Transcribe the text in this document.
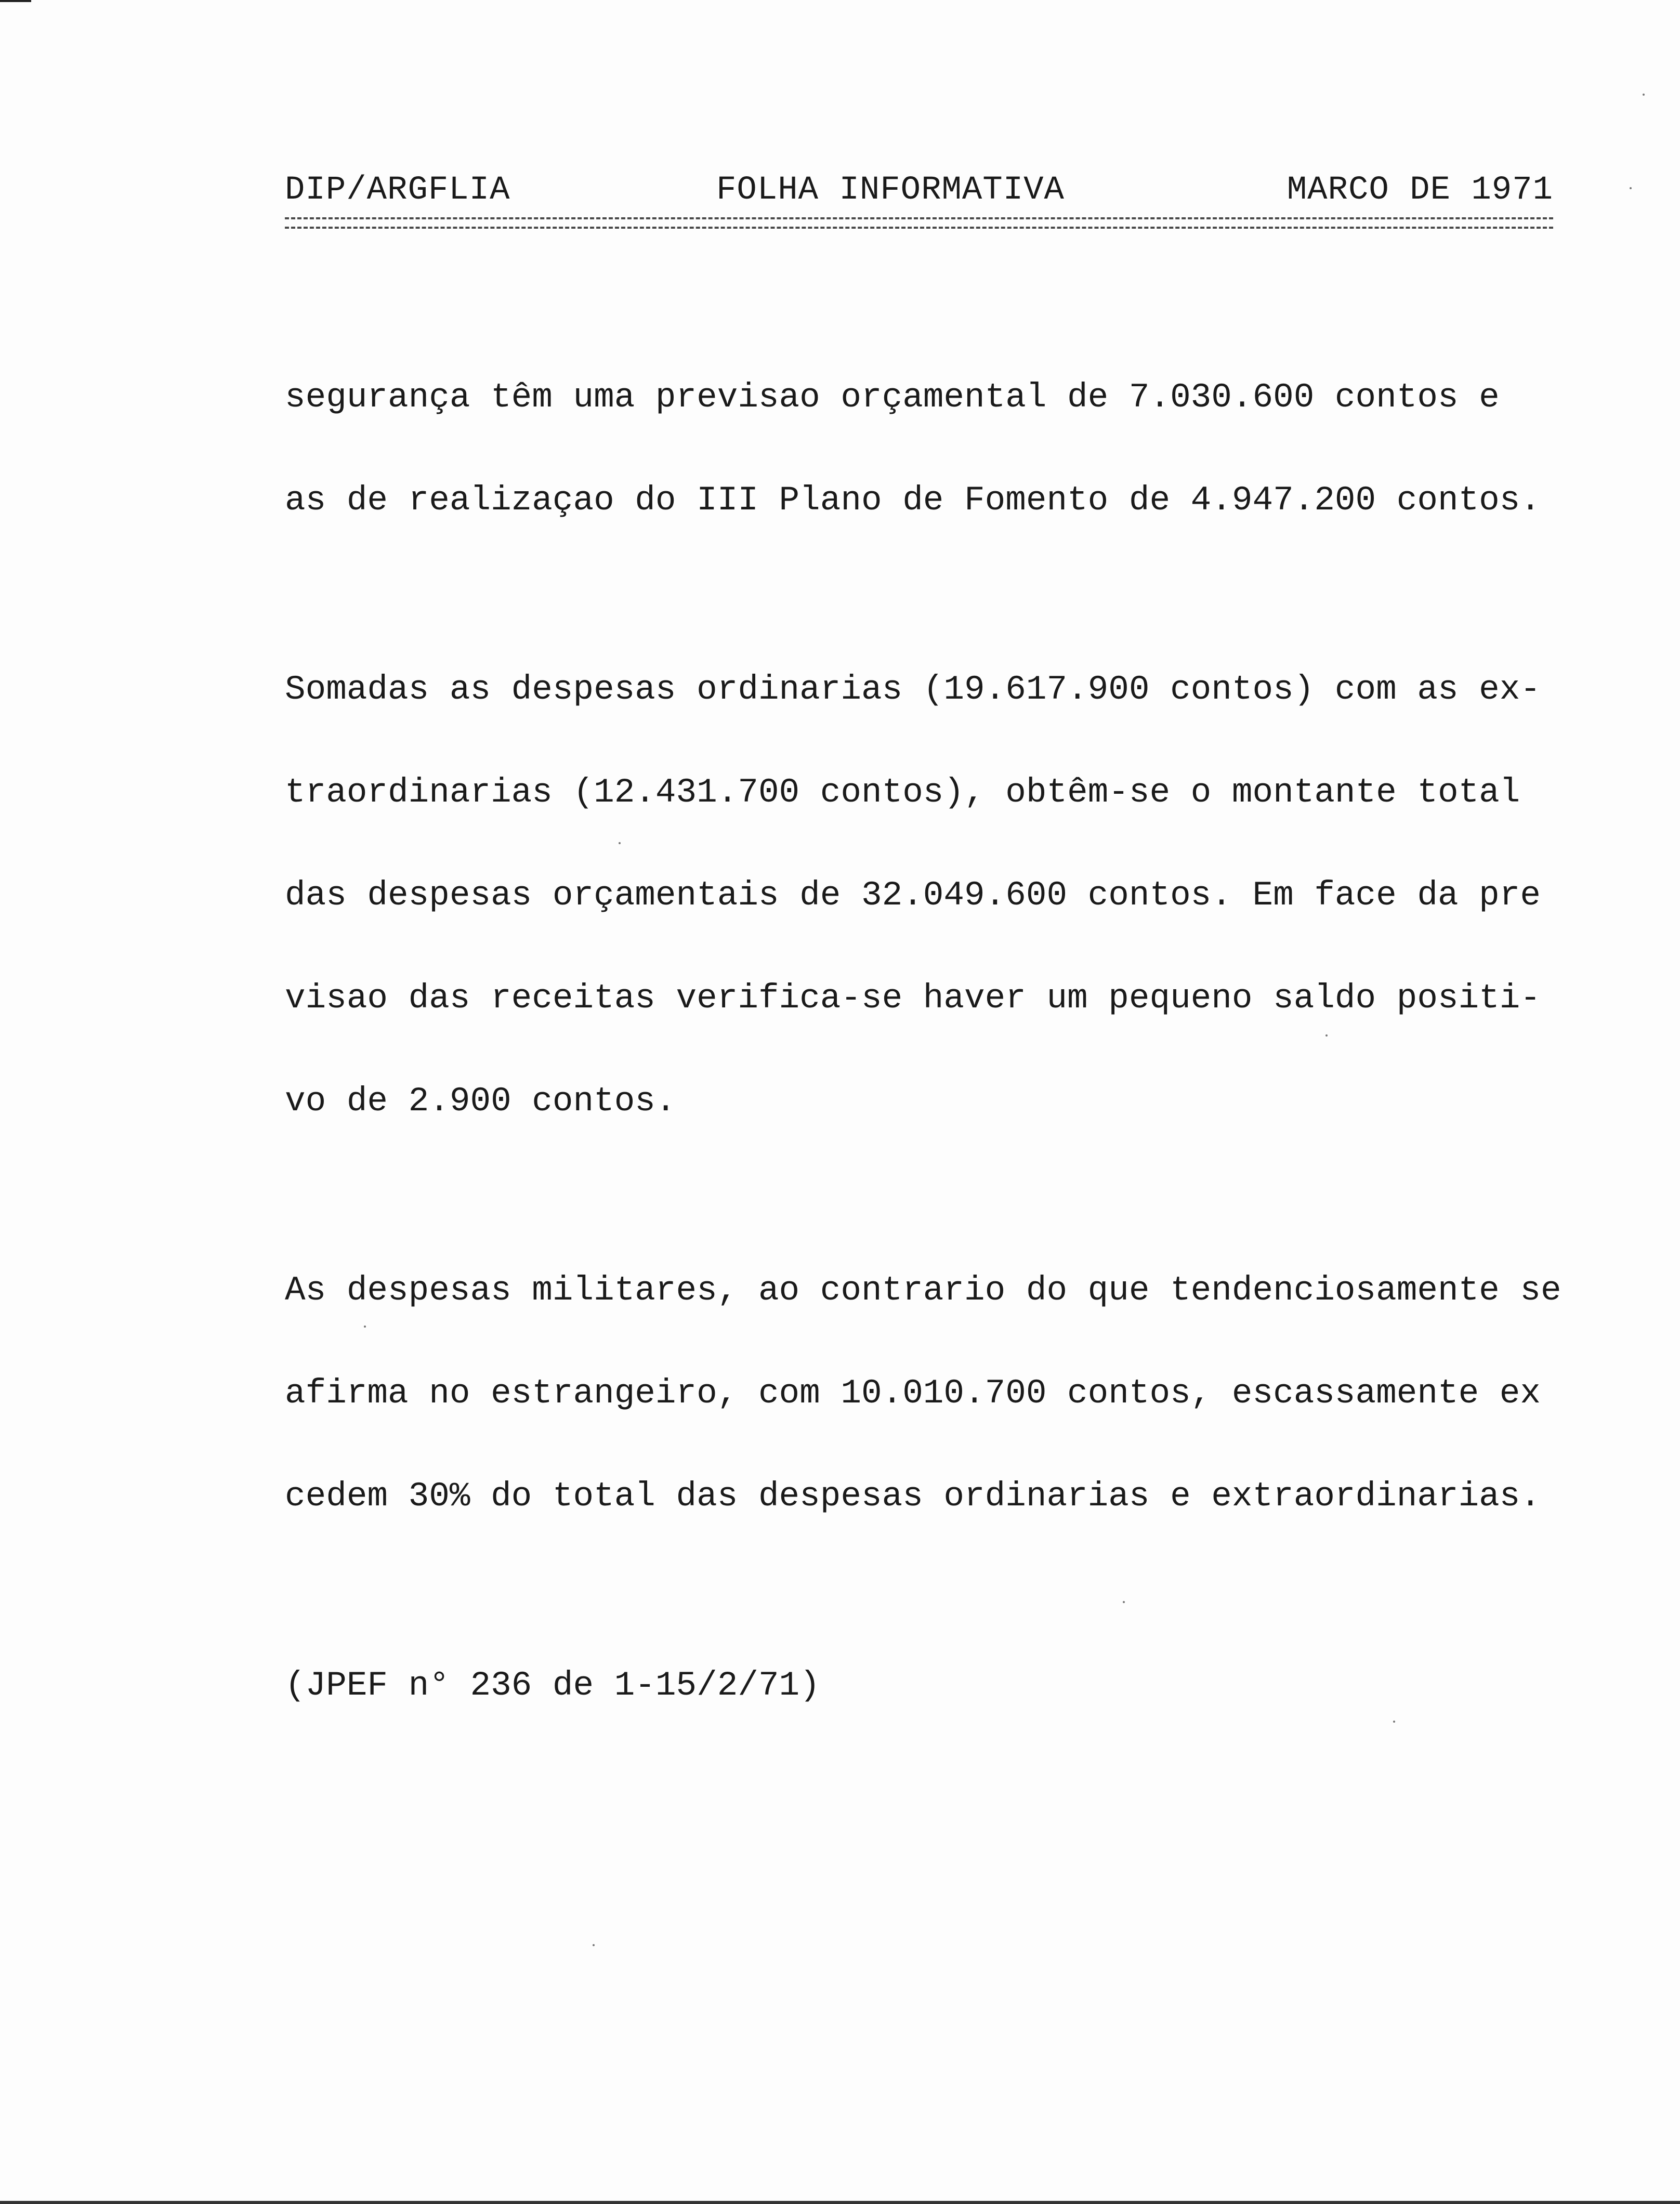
DIP/ARGFLIA	FOLHA INFORMATIVA	MARCO DE 1971

segurança têm uma previsao orçamental de 7.030.600 contos e

as de realizaçao do III Plano de Fomento de 4.947.200 contos.

Somadas as despesas ordinarias (19.617.900 contos) com as ex-

traordinarias (12.431.700 contos), obtêm-se o montante total

das despesas orçamentais de 32.049.600 contos. Em face da pre

visao das receitas verifica-se haver um pequeno saldo positi-

vo de 2.900 contos.

As despesas militares, ao contrario do que tendenciosamente se

afirma no estrangeiro, com 10.010.700 contos, escassamente ex

cedem 30% do total das despesas ordinarias e extraordinarias.

(JPEF n° 236 de 1-15/2/71)
